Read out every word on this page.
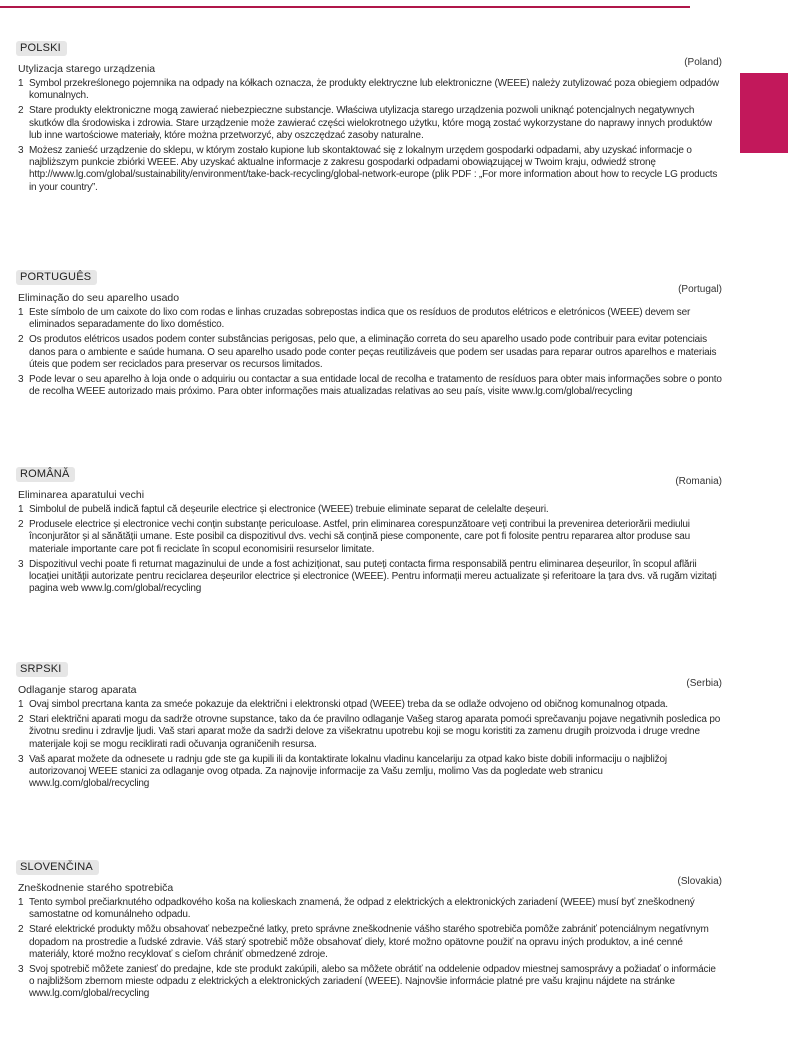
POLSKI
(Poland)
Utylizacja starego urządzenia
1 Symbol przekreślonego pojemnika na odpady na kółkach oznacza, że produkty elektryczne lub elektroniczne (WEEE) należy zutylizować poza obiegiem odpadów komunalnych.
2 Stare produkty elektroniczne mogą zawierać niebezpieczne substancje. Właściwa utylizacja starego urządzenia pozwoli uniknąć potencjalnych negatywnych skutków dla środowiska i zdrowia. Stare urządzenie może zawierać części wielokrotnego użytku, które mogą zostać wykorzystane do naprawy innych produktów lub inne wartościowe materiały, które można przetworzyć, aby oszczędzać zasoby naturalne.
3 Możesz zanieść urządzenie do sklepu, w którym zostało kupione lub skontaktować się z lokalnym urzędem gospodarki odpadami, aby uzyskać informacje o najbliższym punkcie zbiórki WEEE. Aby uzyskać aktualne informacje z zakresu gospodarki odpadami obowiązującej w Twoim kraju, odwiedź stronę http://www.lg.com/global/sustainability/environment/take-back-recycling/global-network-europe (plik PDF : „For more information about how to recycle LG products in your country”.
PORTUGUÊS
(Portugal)
Eliminação do seu aparelho usado
1 Este símbolo de um caixote do lixo com rodas e linhas cruzadas sobrepostas indica que os resíduos de produtos elétricos e eletrónicos (WEEE) devem ser eliminados separadamente do lixo doméstico.
2 Os produtos elétricos usados podem conter substâncias perigosas, pelo que, a eliminação correta do seu aparelho usado pode contribuir para evitar potenciais danos para o ambiente e saúde humana. O seu aparelho usado pode conter peças reutilizáveis que podem ser usadas para reparar outros aparelhos e materiais úteis que podem ser reciclados para preservar os recursos limitados.
3 Pode levar o seu aparelho à loja onde o adquiriu ou contactar a sua entidade local de recolha e tratamento de resíduos para obter mais informações sobre o ponto de recolha WEEE autorizado mais próximo. Para obter informações mais atualizadas relativas ao seu país, visite www.lg.com/global/recycling
ROMÂNĂ
(Romania)
Eliminarea aparatului vechi
1 Simbolul de pubelă indică faptul că deșeurile electrice și electronice (WEEE) trebuie eliminate separat de celelalte deșeuri.
2 Produsele electrice și electronice vechi conțin substanțe periculoase. Astfel, prin eliminarea corespunzătoare veți contribui la prevenirea deteriorării mediului înconjurător și al sănătății umane. Este posibil ca dispozitivul dvs. vechi să conțină piese componente, care pot fi folosite pentru repararea altor produse sau materiale importante care pot fi reciclate în scopul economisirii resurselor limitate.
3 Dispozitivul vechi poate fi returnat magazinului de unde a fost achiziționat, sau puteți contacta firma responsabilă pentru eliminarea deșeurilor, în scopul aflării locației unității autorizate pentru reciclarea deșeurilor electrice și electronice (WEEE). Pentru informații mereu actualizate și referitoare la țara dvs. vă rugăm vizitați pagina web www.lg.com/global/recycling
SRPSKI
(Serbia)
Odlaganje starog aparata
1 Ovaj simbol precrtana kanta za smeće pokazuje da električni i elektronski otpad (WEEE) treba da se odlaže odvojeno od običnog komunalnog otpada.
2 Stari električni aparati mogu da sadrže otrovne supstance, tako da će pravilno odlaganje Vašeg starog aparata pomoći sprečavanju pojave negativnih posledica po životnu sredinu i zdravlje ljudi. Vaš stari aparat može da sadrži delove za višekratnu upotrebu koji se mogu koristiti za zamenu drugih proizvoda i druge vredne materijale koji se mogu reciklirati radi očuvanja ograničenih resursa.
3 Vaš aparat možete da odnesete u radnju gde ste ga kupili ili da kontaktirate lokalnu vladinu kancelariju za otpad kako biste dobili informaciju o najbližoj autorizovanoj WEEE stanici za odlaganje ovog otpada. Za najnovije informacije za Vašu zemlju, molimo Vas da pogledate web stranicu www.lg.com/global/recycling
SLOVENČINA
(Slovakia)
Zneškodnenie starého spotrebiča
1 Tento symbol prečiarknutého odpadkového koša na kolieskach znamená, že odpad z elektrických a elektronických zariadení (WEEE) musí byť zneškodnený samostatne od komunálneho odpadu.
2 Staré elektrické produkty môžu obsahovať nebezpečné latky, preto správne zneškodnenie vášho starého spotrebiča pomôže zabrániť potenciálnym negatívnym dopadom na prostredie a ľudské zdravie. Váš starý spotrebič môže obsahovať diely, ktoré možno opätovne použiť na opravu iných produktov, a iné cenné materiály, ktoré možno recyklovať s cieľom chrániť obmedzené zdroje.
3 Svoj spotrebič môžete zaniesť do predajne, kde ste produkt zakúpili, alebo sa môžete obrátiť na oddelenie odpadov miestnej samosprávy a požiadať o informácie o najbližšom zbernom mieste odpadu z elektrických a elektronických zariadení (WEEE). Najnovšie informácie platné pre vašu krajinu nájdete na stránke www.lg.com/global/recycling
